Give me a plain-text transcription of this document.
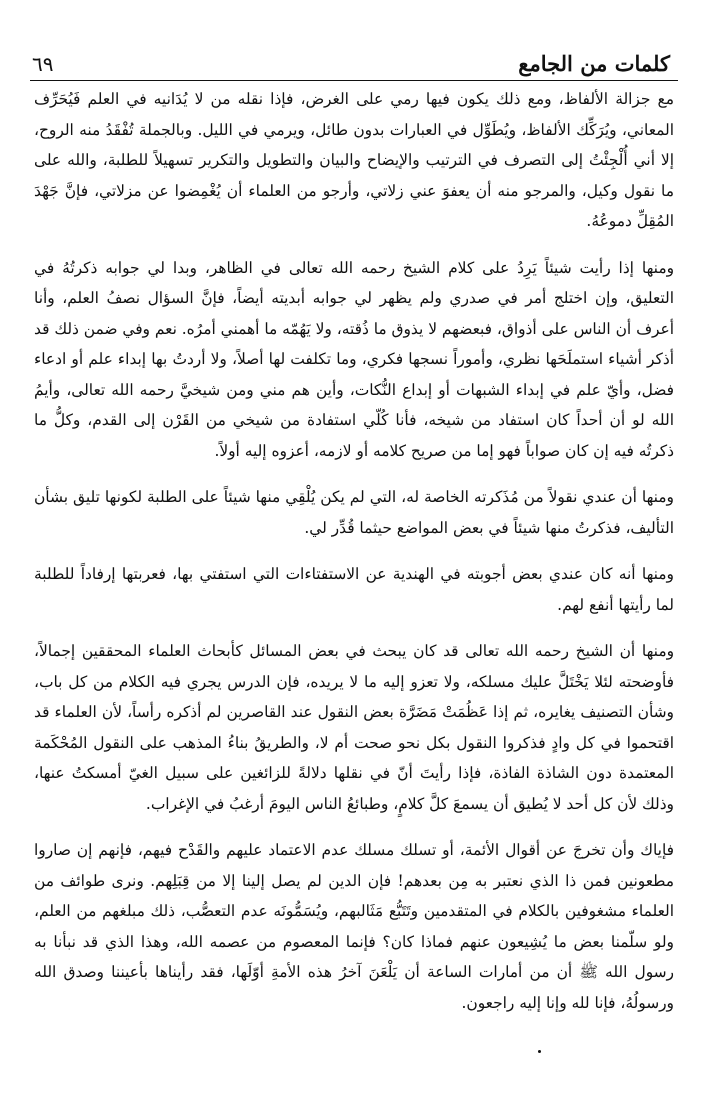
كلمات من الجامع
٦٩

مع جزالة الألفاظ، ومع ذلك يكون فيها رمي على الغرض، فإذا نقله من لا يُدَانيه في العلم فَيُحَرِّف المعاني، ويُرَكِّك الألفاظ، ويُطَوِّل في العبارات بدون طائل، ويرمي في الليل. وبالجملة تُفْقَدُ منه الروح، إلا أني أُلْجِئْتُ إلى التصرف في الترتيب والإيضاح والبيان والتطويل والتكرير تسهيلاً للطلبة، والله على ما نقول وكيل، والمرجو منه أن يعفوَ عني زلاتي، وأرجو من العلماء أن يُغْمِضوا عن مزلاتي، فإنَّ جَهْدَ المُقِلِّ دموعُهُ.

ومنها إذا رأيت شيئاً يَرِدُ على كلام الشيخ رحمه الله تعالى في الظاهر، وبدا لي جوابه ذكرتُهُ في التعليق، وإن اختلج أمر في صدري ولم يظهر لي جوابه أبديته أيضاً، فإنَّ السؤال نصفُ العلم، وأنا أعرف أن الناس على أذواق، فبعضهم لا يذوق ما ذُقته، ولا يَهُمّه ما أهمني أمرُه. نعم وفي ضمن ذلك قد أذكر أشياء استملَحَها نظري، وأموراً نسجها فكري، وما تكلفت لها أصلاً، ولا أردتُ بها إبداء علم أو ادعاء فضل، وأيّ علم في إبداء الشبهات أو إبداع النُّكات، وأين هم مني ومن شيخيَّ رحمه الله تعالى، وأيمُ الله لو أن أحداً كان استفاد من شيخه، فأنا كُلّي استفادة من شيخي من القَرْن إلى القدم، وكلُّ ما ذكرتُه فيه إن كان صواباً فهو إما من صريح كلامه أو لازمه، أعزوه إليه أولاً.

ومنها أن عندي نقولاً من مُذَكرته الخاصة له، التي لم يكن يُلْقِي منها شيئاً على الطلبة لكونها تليق بشأن التأليف، فذكرتُ منها شيئاً في بعض المواضع حيثما قُدِّر لي.

ومنها أنه كان عندي بعض أجوبته في الهندية عن الاستفتاءات التي استفتي بها، فعربتها إرفاداً للطلبة لما رأيتها أنفع لهم.

ومنها أن الشيخ رحمه الله تعالى قد كان يبحث في بعض المسائل كأبحاث العلماء المحققين إجمالاً، فأوضحته لئلا يَخْتَلَّ عليك مسلكه، ولا تعزو إليه ما لا يريده، فإن الدرس يجري فيه الكلام من كل باب، وشأن التصنيف يغايره، ثم إذا عَظُمَتْ مَضَرَّة بعض النقول عند القاصرين لم أذكره رأساً، لأن العلماء قد اقتحموا في كل وادٍ فذكروا النقول بكل نحو صحت أم لا، والطريقُ بناءُ المذهب على النقول المُحْكَمة المعتمدة دون الشاذة الفاذة، فإذا رأيتَ أنّ في نقلها دلالةً للزائغين على سبيل الغيّ أمسكتُ عنها، وذلك لأن كل أحد لا يُطيق أن يسمعَ كلَّ كلامٍ، وطبائعُ الناس اليومَ أرغبُ في الإغراب.

فإياك وأن تخرجَ عن أقوال الأئمة، أو تسلك مسلك عدم الاعتماد عليهم والقَدْح فيهم، فإنهم إن صاروا مطعونين فمن ذا الذي نعتبر به مِن بعدهم! فإن الدين لم يصل إلينا إلا من قِبَلِهم. ونرى طوائف من العلماء مشغوفين بالكلام في المتقدمين وتَتَبُّع مَثَالبهم، ويُسَمُّونَه عدم التعصُّب، ذلك مبلغهم من العلم، ولو سلّمنا بعض ما يُشِيعون عنهم فماذا كان؟ فإنما المعصوم من عصمه الله، وهذا الذي قد نبأنا به رسول الله ﷺ أن من أمارات الساعة أن يَلْعَنَ آخرُ هذه الأمةِ أوّلَها، فقد رأيناها بأعيننا وصدق الله ورسولُهُ، فإنا لله وإنا إليه راجعون.
